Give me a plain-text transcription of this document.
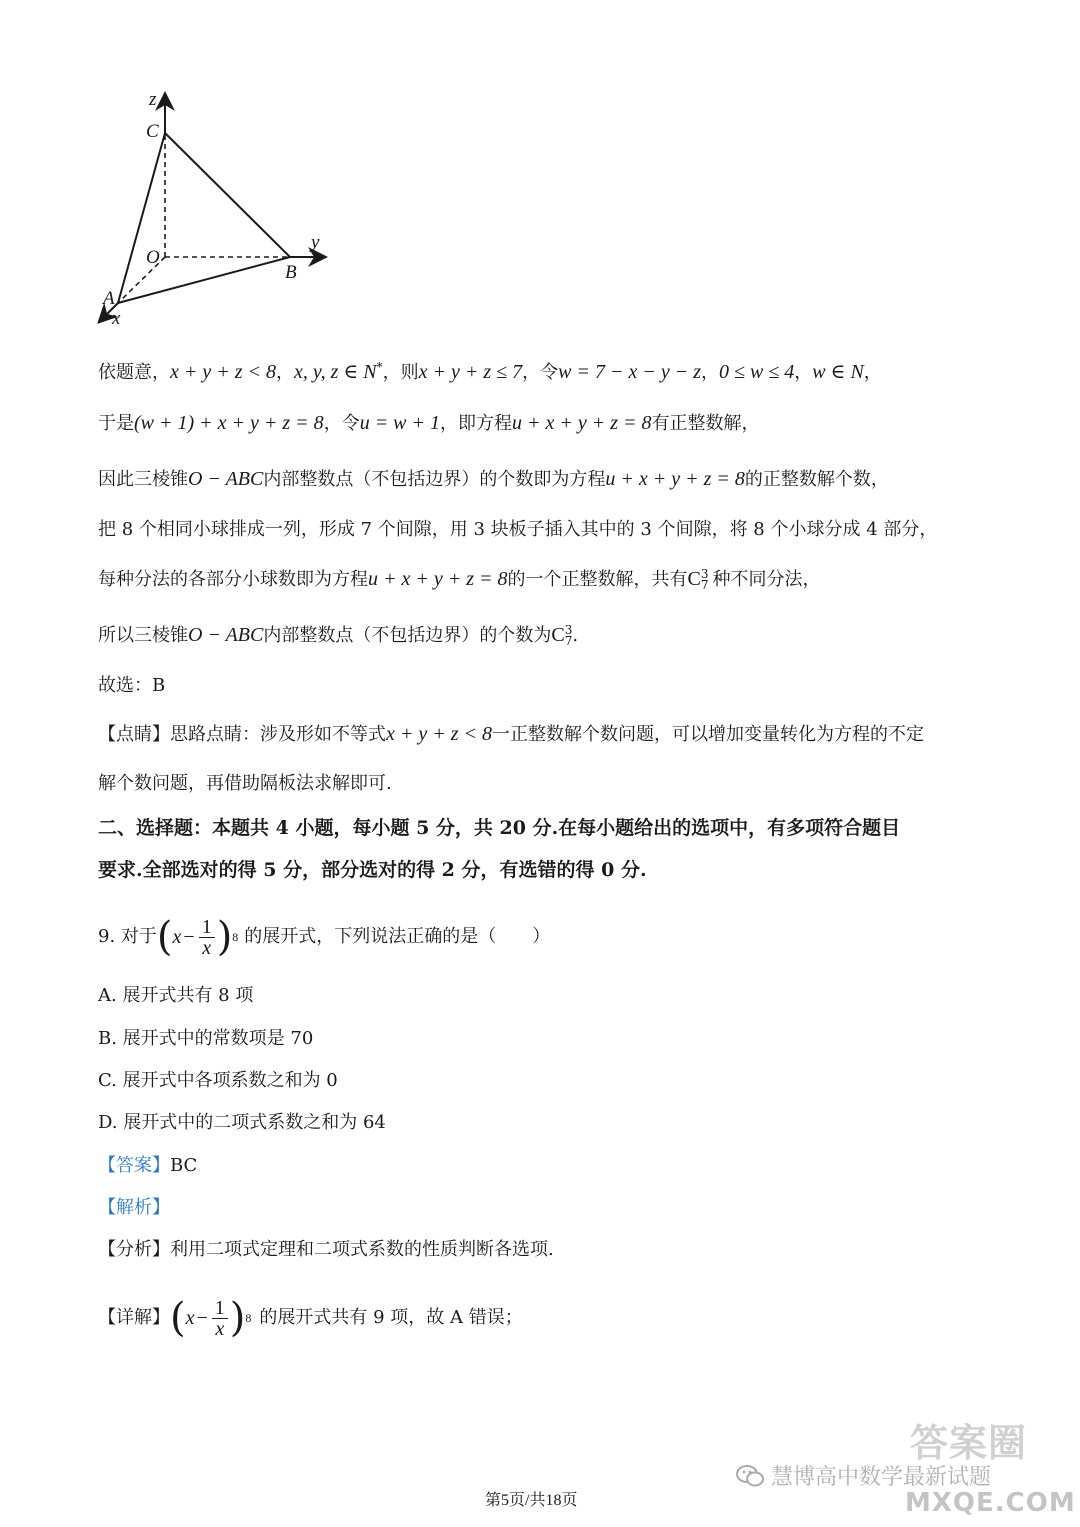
z
C
O
y
B
A
x
依题意，x + y + z < 8，x, y, z ∈ N*，则x + y + z ≤ 7，令w = 7 − x − y − z，0 ≤ w ≤ 4，w ∈ N，
于是(w + 1) + x + y + z = 8，令u = w + 1，即方程u + x + y + z = 8有正整数解，
因此三棱锥O − ABC内部整数点（不包括边界）的个数即为方程u + x + y + z = 8的正整数解个数，
把 8 个相同小球排成一列，形成 7 个间隙，用 3 块板子插入其中的 3 个间隙，将 8 个小球分成 4 部分，
每种分法的各部分小球数即为方程u + x + y + z = 8的一个正整数解，共有C 3
7 种不同分法，
所以三棱锥O − ABC内部整数点（不包括边界）的个数为C 3
7 .
故选：B
【点睛】思路点睛：涉及形如不等式x + y + z < 8一正整数解个数问题，可以增加变量转化为方程的不定
解个数问题，再借助隔板法求解即可.
二、选择题：本题共 4 小题，每小题 5 分，共 20 分.在每小题给出的选项中，有多项符合题目
要求.全部选对的得 5 分，部分选对的得 2 分，有选错的得 0 分.
9. 对于 ( $x - \frac{1}{x}$ ) 8 的展开式，下列说法正确的是（　　）
A. 展开式共有 8 项
B. 展开式中的常数项是 70
C. 展开式中各项系数之和为 0
D. 展开式中的二项式系数之和为 64
【答案】BC
【解析】
【分析】利用二项式定理和二项式系数的性质判断各选项.
【详解】 ( $x - \frac{1}{x}$ ) 8 的展开式共有 9 项，故 A 错误；
第5页/共18页
慧博高中数学最新试题
答案圈
MXQE.COM
